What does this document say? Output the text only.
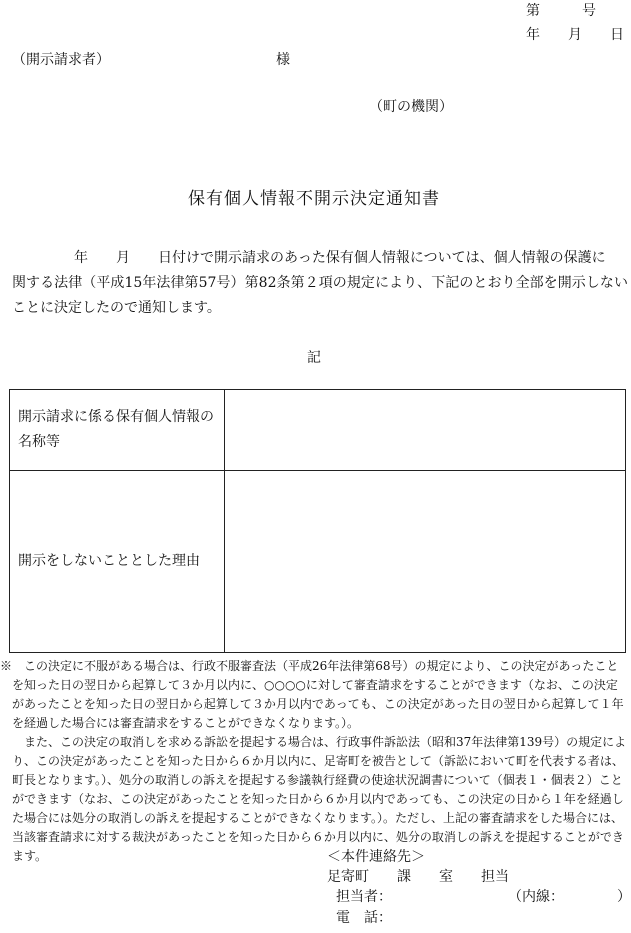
第　　　号
年　　月　　日
（開示請求者）	様
（町の機関）
保有個人情報不開示決定通知書
年　　月　　日付けで開示請求のあった保有個人情報については、個人情報の保護に
関する法律（平成15年法律第57号）第82条第２項の規定により、下記のとおり全部を開示しないことに決定したので通知します。
記
開示請求に係る保有個人情報の名称等	
開示をしないこととした理由	
※　この決定に不服がある場合は、行政不服審査法（平成26年法律第68号）の規定により、この決定があったことを知った日の翌日から起算して３か月以内に、○○○○に対して審査請求をすることができます（なお、この決定があったことを知った日の翌日から起算して３か月以内であっても、この決定があった日の翌日から起算して１年を経過した場合には審査請求をすることができなくなります。）。
また、この決定の取消しを求める訴訟を提起する場合は、行政事件訴訟法（昭和37年法律第139号）の規定により、この決定があったことを知った日から６か月以内に、足寄町を被告として（訴訟において町を代表する者は、町長となります。）、処分の取消しの訴えを提起する参議執行経費の使途状況調書について（個表１・個表２）ことができます（なお、この決定があったことを知った日から６か月以内であっても、この決定の日から１年を経過した場合には処分の取消しの訴えを提起することができなくなります。）。ただし、上記の審査請求をした場合には、当該審査請求に対する裁決があったことを知った日から６か月以内に、処分の取消しの訴えを提起することができます。	＜本件連絡先＞
足寄町　　課　　室　　担当
担当者：	（内線：	）
電　話：
